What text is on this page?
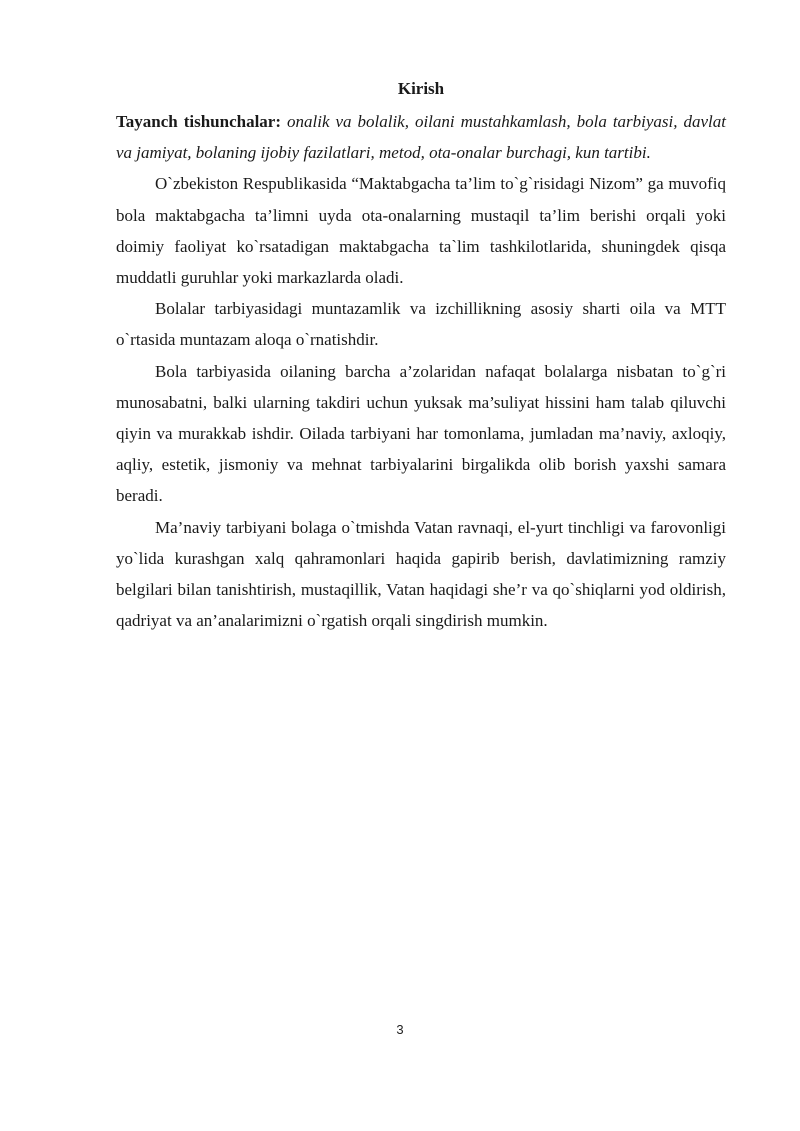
Kirish

Tayanch tishunchalar: onalik va bolalik, oilani mustahkamlash, bola tarbiyasi, davlat va jamiyat, bolaning ijobiy fazilatlari, metod, ota-onalar burchagi, kun tartibi.

O`zbekiston Respublikasida “Maktabgacha ta’lim to`g`risidagi Nizom” ga muvofiq bola maktabgacha ta’limni uyda ota-onalarning mustaqil ta’lim berishi orqali yoki doimiy faoliyat ko`rsatadigan maktabgacha ta`lim tashkilotlarida, shuningdek qisqa muddatli guruhlar yoki markazlarda oladi.

Bolalar tarbiyasidagi muntazamlik va izchillikning asosiy sharti oila va MTT o`rtasida muntazam aloqa o`rnatishdir.

Bola tarbiyasida oilaning barcha a’zolaridan nafaqat bolalarga nisbatan to`g`ri munosabatni, balki ularning takdiri uchun yuksak ma’suliyat hissini ham talab qiluvchi qiyin va murakkab ishdir. Oilada tarbiyani har tomonlama, jumladan ma’naviy, axloqiy, aqliy, estetik, jismoniy va mehnat tarbiyalarini birgalikda olib borish yaxshi samara beradi.

Ma’naviy tarbiyani bolaga o`tmishda Vatan ravnaqi, el-yurt tinchligi va farovonligi yo`lida kurashgan xalq qahramonlari haqida gapirib berish, davlatimizning ramziy belgilari bilan tanishtirish, mustaqillik, Vatan haqidagi she’r va qo`shiqlarni yod oldirish, qadriyat va an’analarimizni o`rgatish orqali singdirish mumkin.

3
